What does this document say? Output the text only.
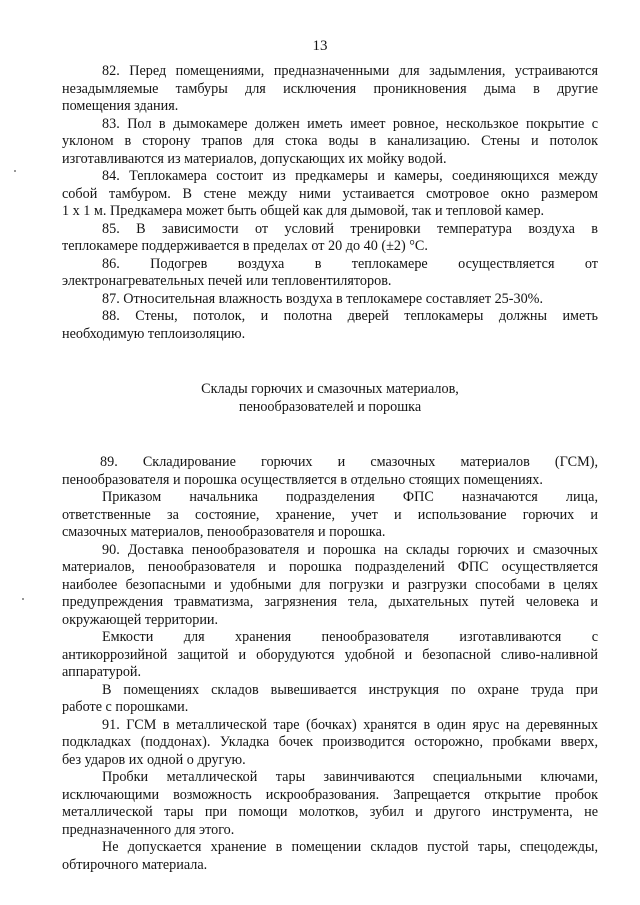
13
82. Перед помещениями, предназначенными для задымления, устраиваются
незадымляемые тамбуры для исключения проникновения дыма в другие
помещения здания.
83. Пол в дымокамере должен иметь имеет ровное, нескользкое покрытие с
уклоном в сторону трапов для стока воды в канализацию. Стены и потолок
изготавливаются из материалов, допускающих их мойку водой.
84. Теплокамера состоит из предкамеры и камеры, соединяющихся между
собой тамбуром. В стене между ними устаивается смотровое окно размером
1 х 1 м. Предкамера может быть общей как для дымовой, так и тепловой камер.
85. В зависимости от условий тренировки температура воздуха в
теплокамере поддерживается в пределах от 20 до 40 (±2) °С.
86. Подогрев воздуха в теплокамере осуществляется от
электронагревательных печей или тепловентиляторов.
87. Относительная влажность воздуха в теплокамере составляет 25-30%.
88. Стены, потолок, и полотна дверей теплокамеры должны иметь
необходимую теплоизоляцию.
Склады горючих и смазочных материалов,
пенообразователей и порошка
89. Складирование горючих и смазочных материалов (ГСМ),
пенообразователя и порошка осуществляется в отдельно стоящих помещениях.
Приказом начальника подразделения ФПС назначаются лица,
ответственные за состояние, хранение, учет и использование горючих и
смазочных материалов, пенообразователя и порошка.
90. Доставка пенообразователя и порошка на склады горючих и смазочных
материалов, пенообразователя и порошка подразделений ФПС осуществляется
наиболее безопасными и удобными для погрузки и разгрузки способами в целях
предупреждения травматизма, загрязнения тела, дыхательных путей человека и
окружающей территории.
Емкости для хранения пенообразователя изготавливаются с
антикоррозийной защитой и оборудуются удобной и безопасной сливо-наливной
аппаратурой.
В помещениях складов вывешивается инструкция по охране труда при
работе с порошками.
91. ГСМ в металлической таре (бочках) хранятся в один ярус на деревянных
подкладках (поддонах). Укладка бочек производится осторожно, пробками вверх,
без ударов их одной о другую.
Пробки металлической тары завинчиваются специальными ключами,
исключающими возможность искрообразования. Запрещается открытие пробок
металлической тары при помощи молотков, зубил и другого инструмента, не
предназначенного для этого.
Не допускается хранение в помещении складов пустой тары, спецодежды,
обтирочного материала.
